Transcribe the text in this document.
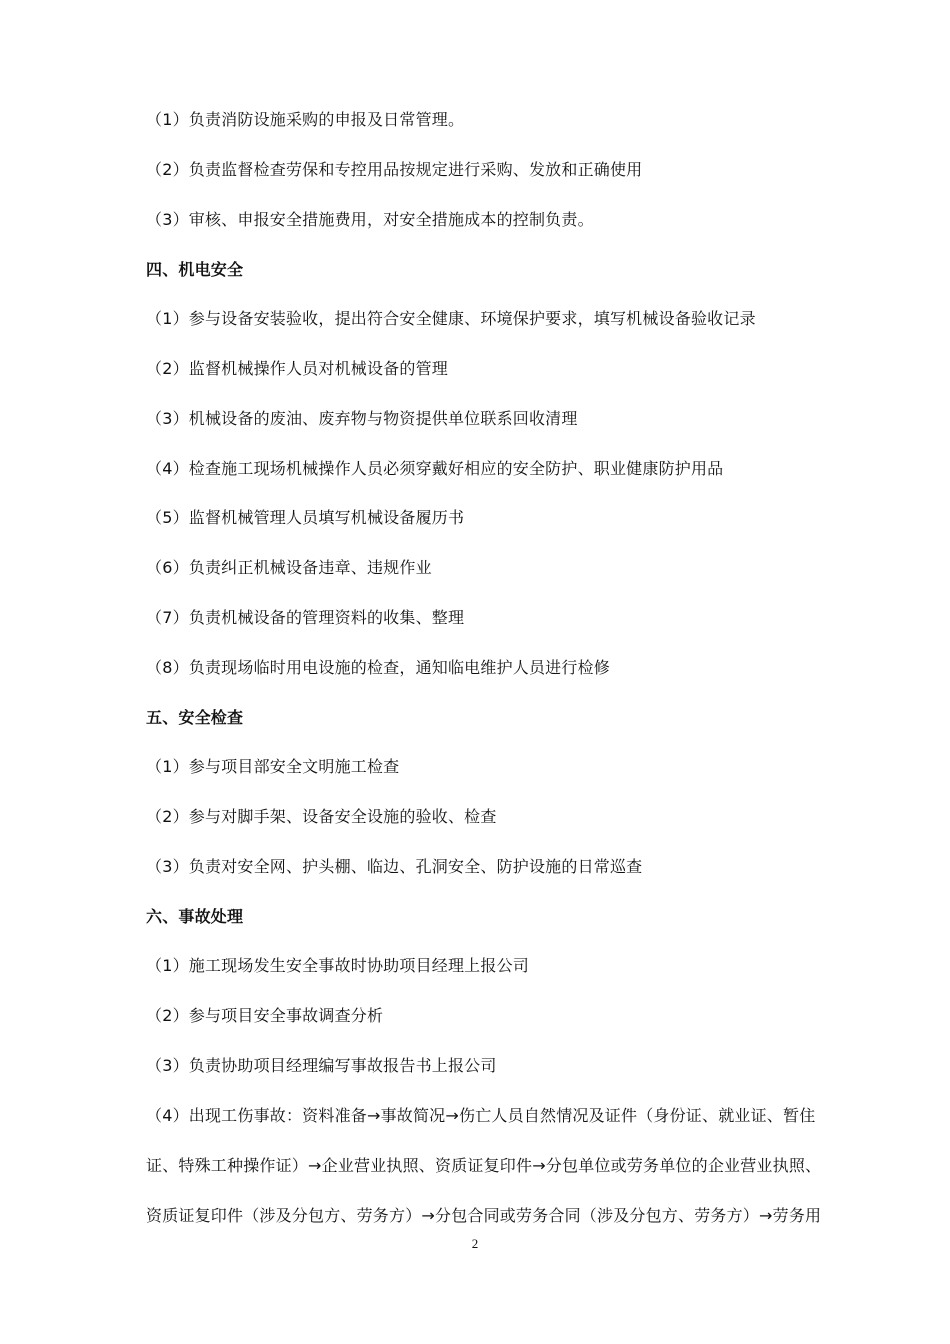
（1）负责消防设施采购的申报及日常管理。
（2）负责监督检查劳保和专控用品按规定进行采购、发放和正确使用
（3）审核、申报安全措施费用，对安全措施成本的控制负责。
四、机电安全
（1）参与设备安装验收，提出符合安全健康、环境保护要求，填写机械设备验收记录
（2）监督机械操作人员对机械设备的管理
（3）机械设备的废油、废弃物与物资提供单位联系回收清理
（4）检查施工现场机械操作人员必须穿戴好相应的安全防护、职业健康防护用品
（5）监督机械管理人员填写机械设备履历书
（6）负责纠正机械设备违章、违规作业
（7）负责机械设备的管理资料的收集、整理
（8）负责现场临时用电设施的检查，通知临电维护人员进行检修
五、安全检查
（1）参与项目部安全文明施工检查
（2）参与对脚手架、设备安全设施的验收、检查
（3）负责对安全网、护头棚、临边、孔洞安全、防护设施的日常巡查
六、事故处理
（1）施工现场发生安全事故时协助项目经理上报公司
（2）参与项目安全事故调查分析
（3）负责协助项目经理编写事故报告书上报公司
（4）出现工伤事故：资料准备→事故简况→伤亡人员自然情况及证件（身份证、就业证、暂住
证、特殊工种操作证）→企业营业执照、资质证复印件→分包单位或劳务单位的企业营业执照、
资质证复印件（涉及分包方、劳务方）→分包合同或劳务合同（涉及分包方、劳务方）→劳务用
2
